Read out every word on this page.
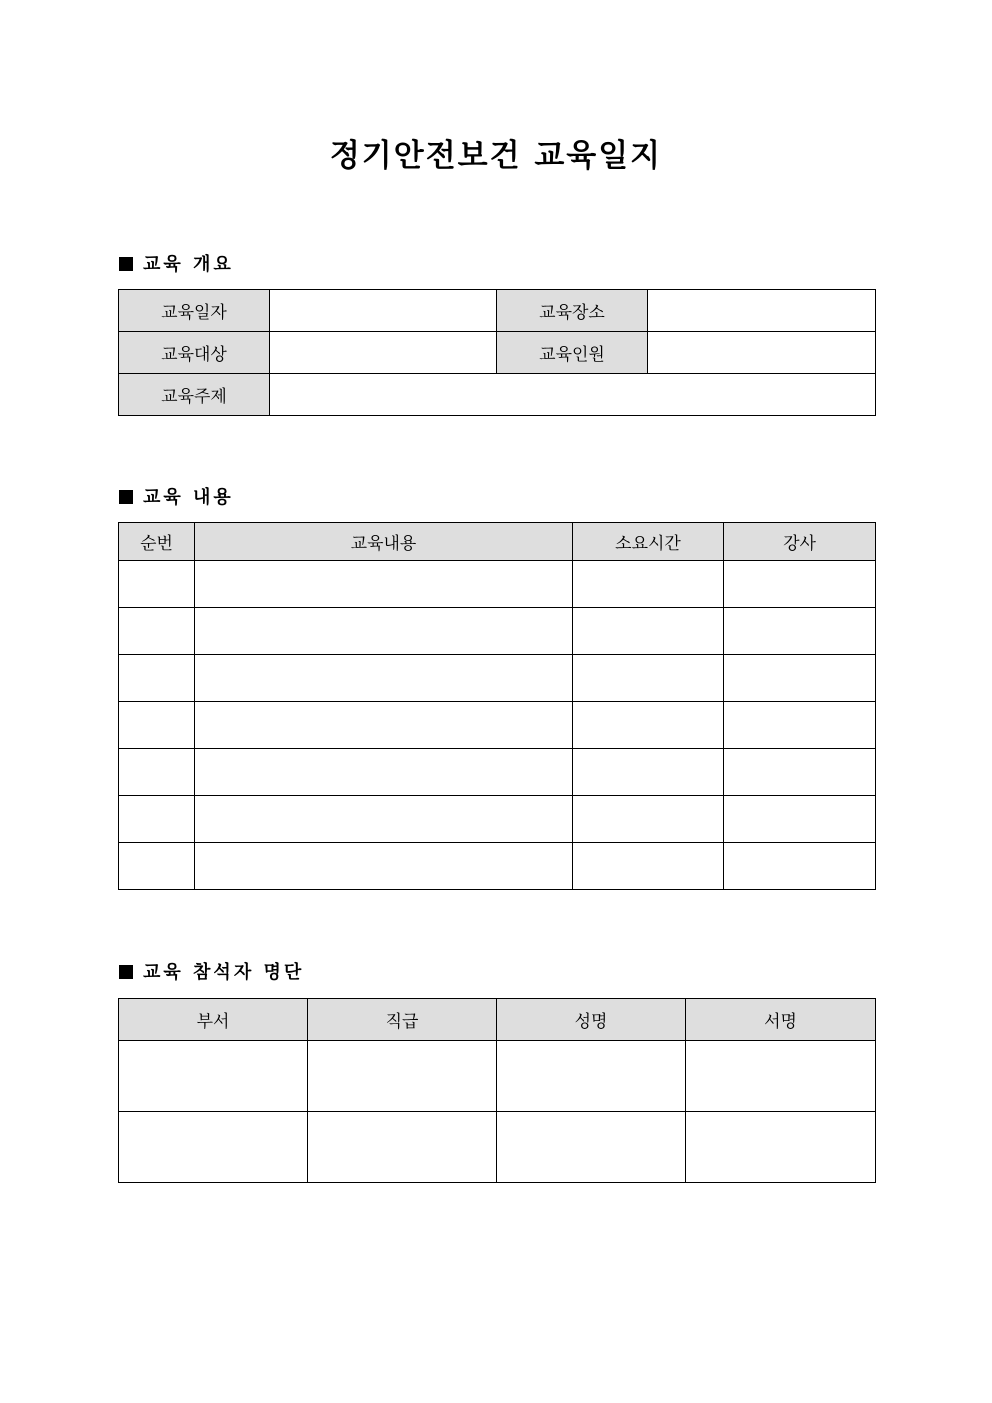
정기안전보건 교육일지
교육 개요
교육일자		교육장소	
교육대상		교육인원	
교육주제			
교육 내용
순번	교육내용	소요시간	강사

교육 참석자 명단
부서	직급	성명	서명
